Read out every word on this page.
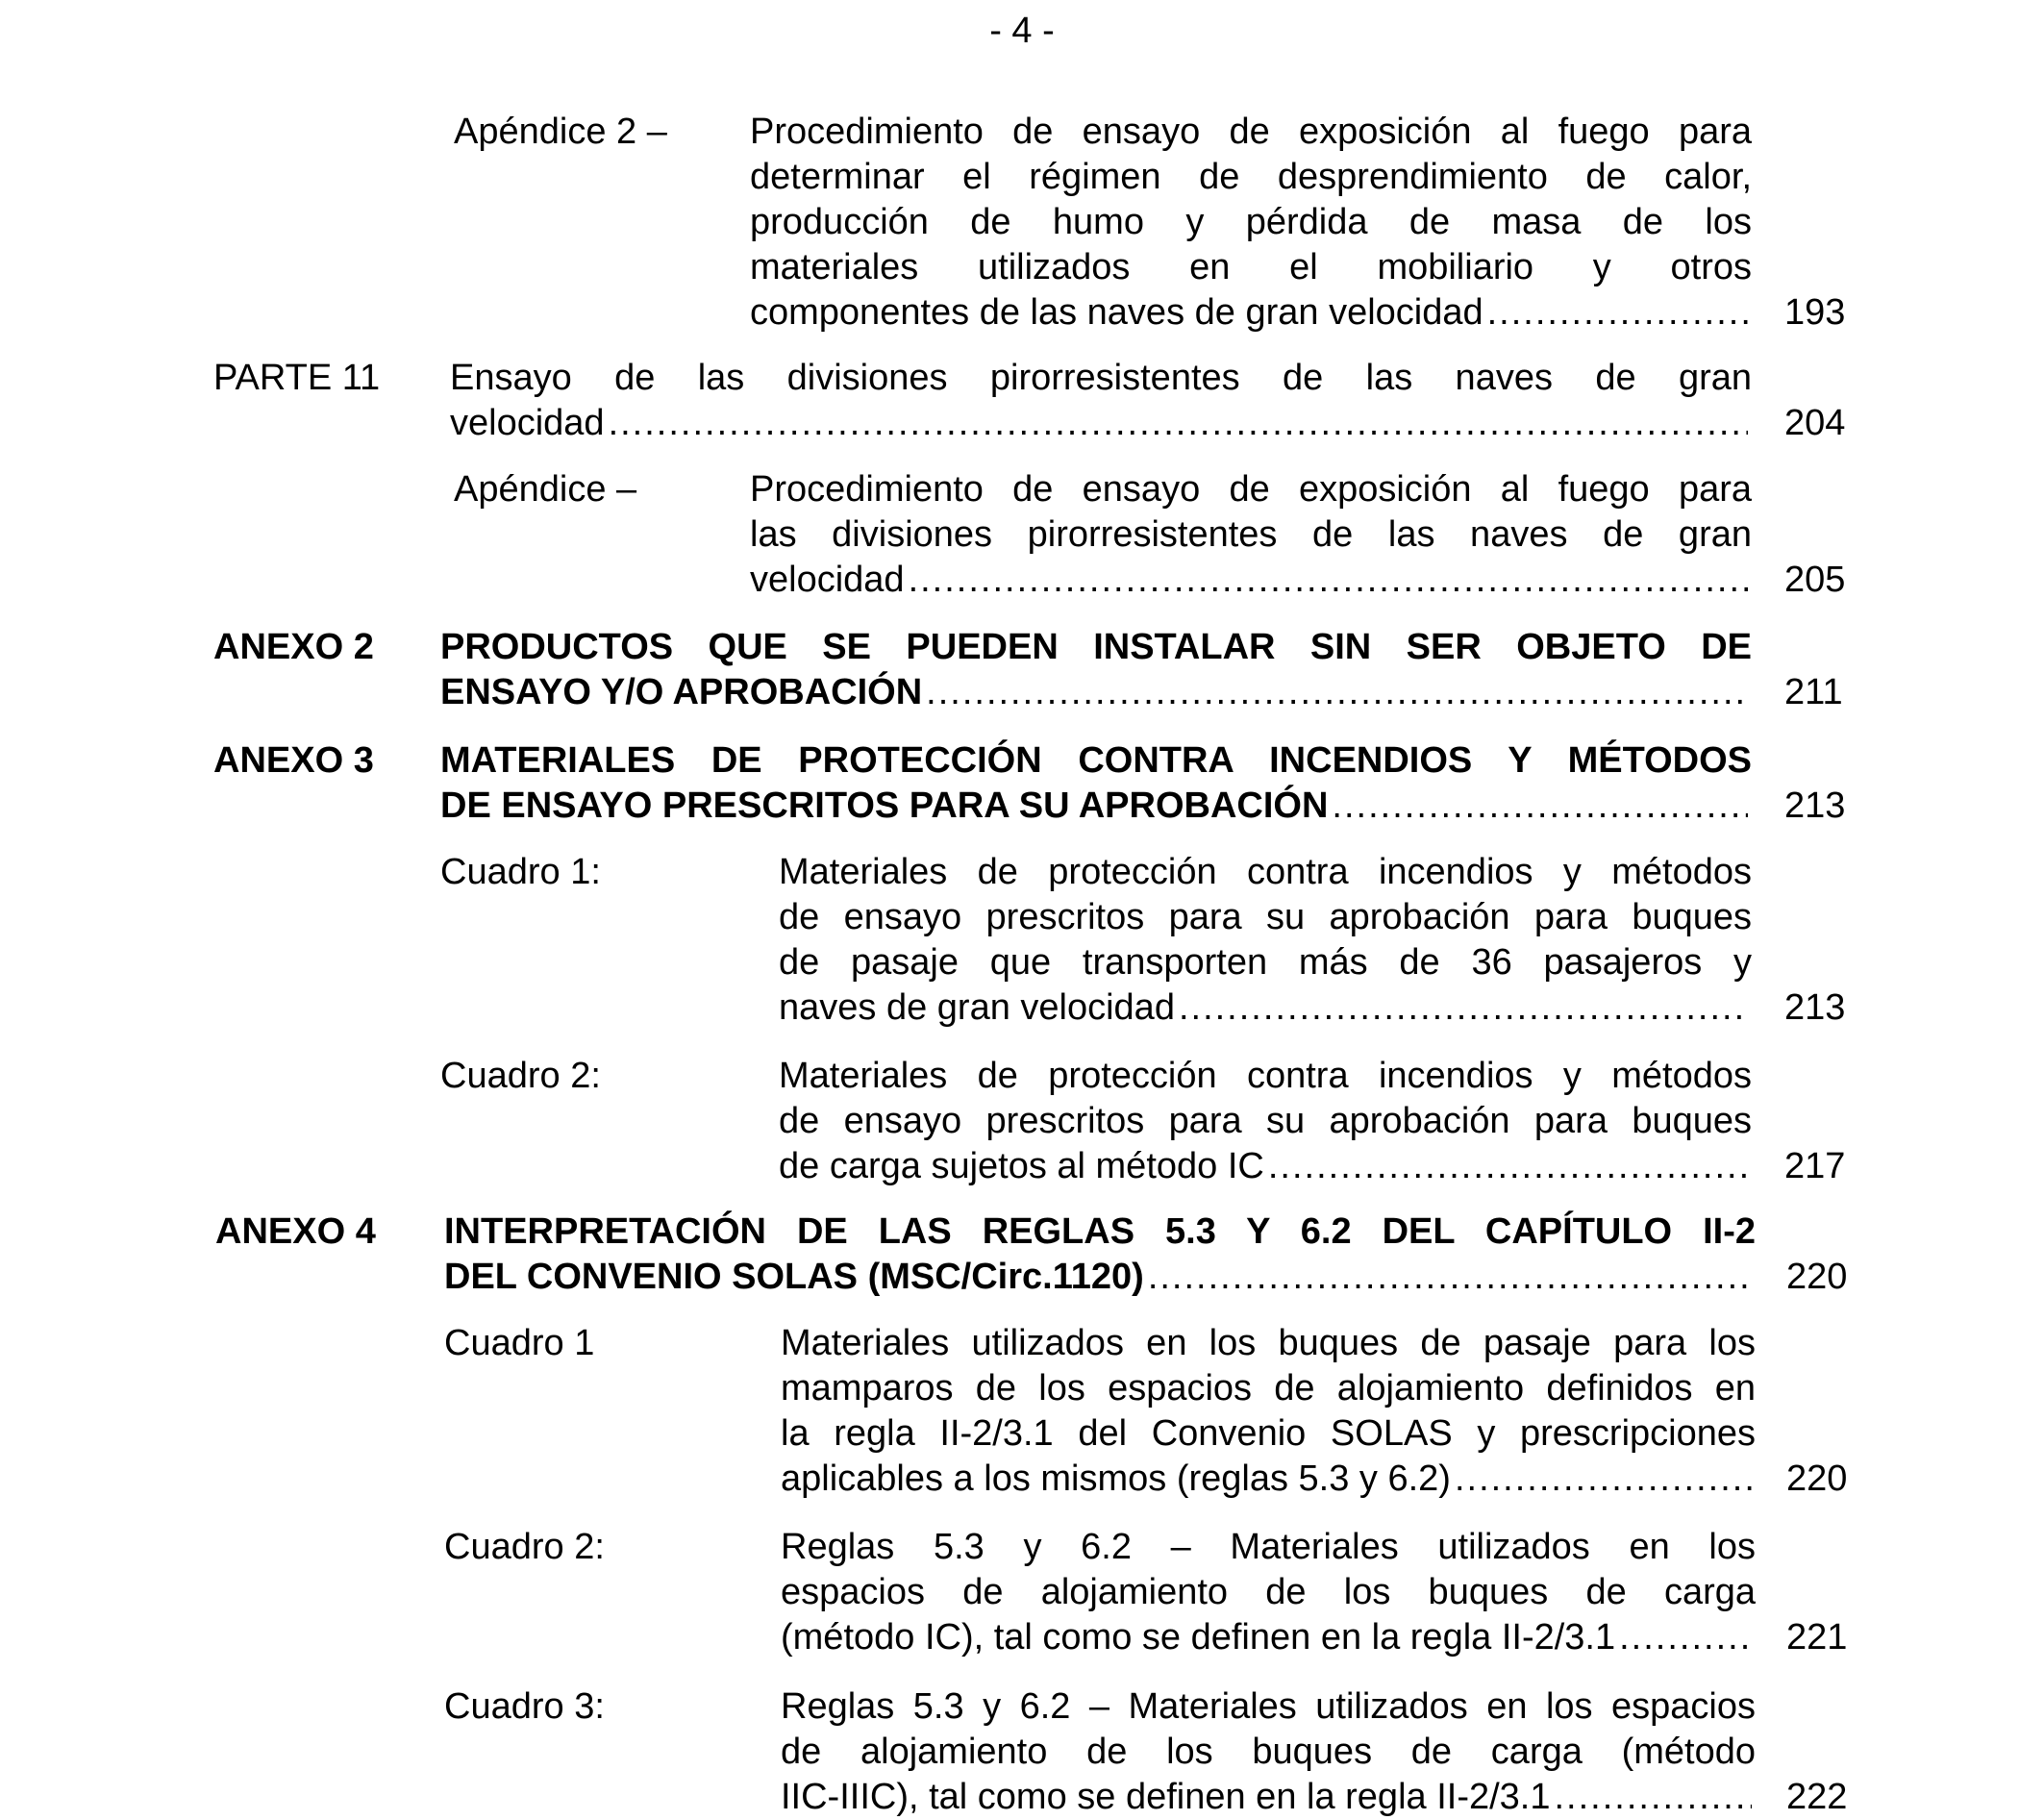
- 4 -
Apéndice 2 – Procedimiento de ensayo de exposición al fuego para
determinar el régimen de desprendimiento de calor,
producción de humo y pérdida de masa de los
materiales utilizados en el mobiliario y otros
componentes de las naves de gran velocidad .....	193
PARTE 11 Ensayo de las divisiones pirorresistentes de las naves de gran
velocidad .....	204
Apéndice –	Procedimiento de ensayo de exposición al fuego para
las divisiones pirorresistentes de las naves de gran
velocidad .....	205
ANEXO 2 PRODUCTOS QUE SE PUEDEN INSTALAR SIN SER OBJETO DE
ENSAYO Y/O APROBACIÓN .....	211
ANEXO 3 MATERIALES DE PROTECCIÓN CONTRA INCENDIOS Y MÉTODOS
DE ENSAYO PRESCRITOS PARA SU APROBACIÓN .....	213
Cuadro 1:	Materiales de protección contra incendios y métodos
de ensayo prescritos para su aprobación para buques
de pasaje que transporten más de 36 pasajeros y
naves de gran velocidad .....	213
Cuadro 2:	Materiales de protección contra incendios y métodos
de ensayo prescritos para su aprobación para buques
de carga sujetos al método IC .....	217
ANEXO 4 INTERPRETACIÓN DE LAS REGLAS 5.3 Y 6.2 DEL CAPÍTULO II-2
DEL CONVENIO SOLAS (MSC/Circ.1120) .....	220
Cuadro 1	Materiales utilizados en los buques de pasaje para los
mamparos de los espacios de alojamiento definidos en
la regla II-2/3.1 del Convenio SOLAS y prescripciones
aplicables a los mismos (reglas 5.3 y 6.2) .....	220
Cuadro 2:	Reglas 5.3 y 6.2 – Materiales utilizados en los
espacios de alojamiento de los buques de carga
(método IC), tal como se definen en la regla II-2/3.1 .....	221
Cuadro 3:	Reglas 5.3 y 6.2 – Materiales utilizados en los espacios
de alojamiento de los buques de carga (método
IIC-IIIC), tal como se definen en la regla II-2/3.1 .....	222
